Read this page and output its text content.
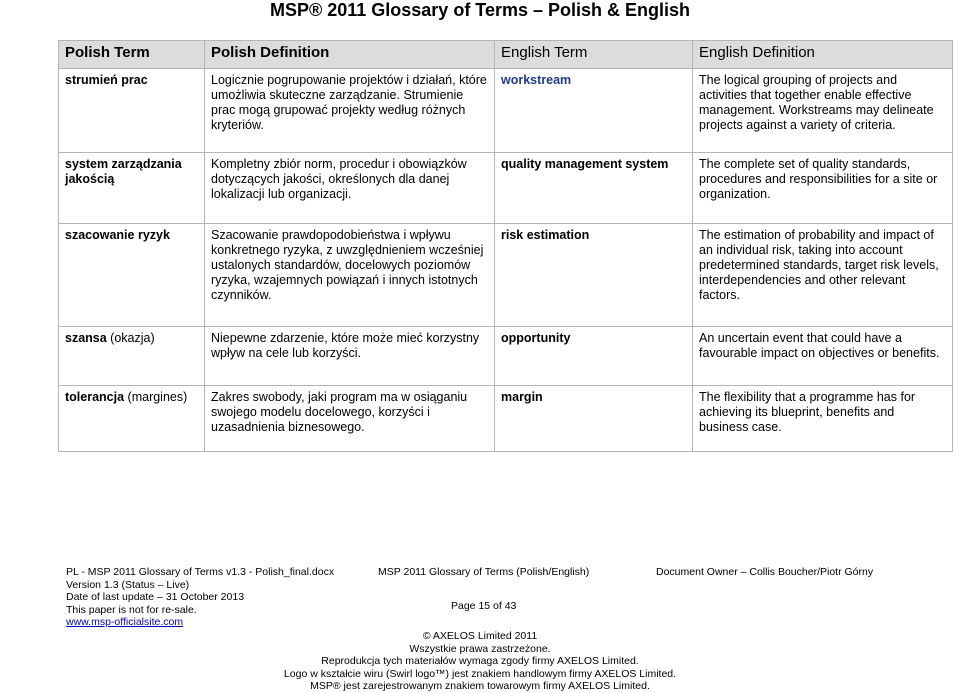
MSP® 2011 Glossary of Terms – Polish & English
Polish Term	Polish Definition	English Term	English Definition
strumień prac	Logicznie pogrupowanie projektów i działań, które umożliwia skuteczne zarządzanie. Strumienie prac mogą grupować projekty według różnych kryteriów.	workstream	The logical grouping of projects and activities that together enable effective management. Workstreams may delineate projects against a variety of criteria.
system zarządzania jakością	Kompletny zbiór norm, procedur i obowiązków dotyczących jakości, określonych dla danej lokalizacji lub organizacji.	quality management system	The complete set of quality standards, procedures and responsibilities for a site or organization.
szacowanie ryzyk	Szacowanie prawdopodobieństwa i wpływu konkretnego ryzyka, z uwzględnieniem wcześniej ustalonych standardów, docelowych poziomów ryzyka, wzajemnych powiązań i innych istotnych czynników.	risk estimation	The estimation of probability and impact of an individual risk, taking into account predetermined standards, target risk levels, interdependencies and other relevant factors.
szansa (okazja)	Niepewne zdarzenie, które może mieć korzystny wpływ na cele lub korzyści.	opportunity	An uncertain event that could have a favourable impact on objectives or benefits.
tolerancja (margines)	Zakres swobody, jaki program ma w osiąganiu swojego modelu docelowego, korzyści i uzasadnienia biznesowego.	margin	The flexibility that a programme has for achieving its blueprint, benefits and business case.
PL - MSP 2011 Glossary of Terms v1.3 - Polish_final.docx
Version 1.3 (Status – Live)
Date of last update – 31 October 2013
This paper is not for re-sale.
www.msp-officialsite.com
MSP 2011 Glossary of Terms (Polish/English)
Page 15 of 43
Document Owner – Collis Boucher/Piotr Górny
© AXELOS Limited 2011
Wszystkie prawa zastrzeżone.
Reprodukcja tych materiałów wymaga zgody firmy AXELOS Limited.
Logo w kształcie wiru (Swirl logo™) jest znakiem handlowym firmy AXELOS Limited.
MSP® jest zarejestrowanym znakiem towarowym firmy AXELOS Limited.
